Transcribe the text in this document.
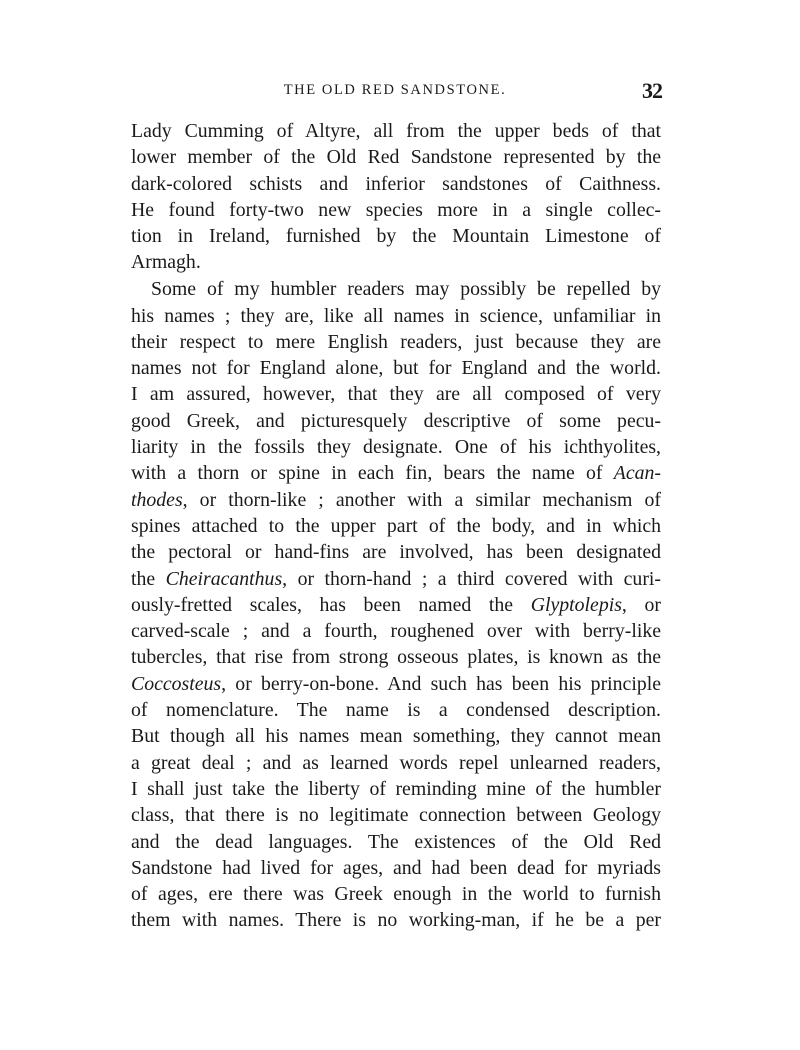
THE OLD RED SANDSTONE.	32
Lady Cumming of Altyre, all from the upper beds of that
lower member of the Old Red Sandstone represented by the
dark-colored schists and inferior sandstones of Caithness.
He found forty-two new species more in a single collec-
tion in Ireland, furnished by the Mountain Limestone of
Armagh.
Some of my humbler readers may possibly be repelled by
his names ; they are, like all names in science, unfamiliar in
their respect to mere English readers, just because they are
names not for England alone, but for England and the world.
I am assured, however, that they are all composed of very
good Greek, and picturesquely descriptive of some pecu-
liarity in the fossils they designate. One of his ichthyolites,
with a thorn or spine in each fin, bears the name of Acan-
thodes, or thorn-like ; another with a similar mechanism of
spines attached to the upper part of the body, and in which
the pectoral or hand-fins are involved, has been designated
the Cheiracanthus, or thorn-hand ; a third covered with curi-
ously-fretted scales, has been named the Glyptolepis, or
carved-scale ; and a fourth, roughened over with berry-like
tubercles, that rise from strong osseous plates, is known as the
Coccosteus, or berry-on-bone. And such has been his principle
of nomenclature. The name is a condensed description.
But though all his names mean something, they cannot mean
a great deal ; and as learned words repel unlearned readers,
I shall just take the liberty of reminding mine of the humbler
class, that there is no legitimate connection between Geology
and the dead languages. The existences of the Old Red
Sandstone had lived for ages, and had been dead for myriads
of ages, ere there was Greek enough in the world to furnish
them with names. There is no working-man, if he be a per
